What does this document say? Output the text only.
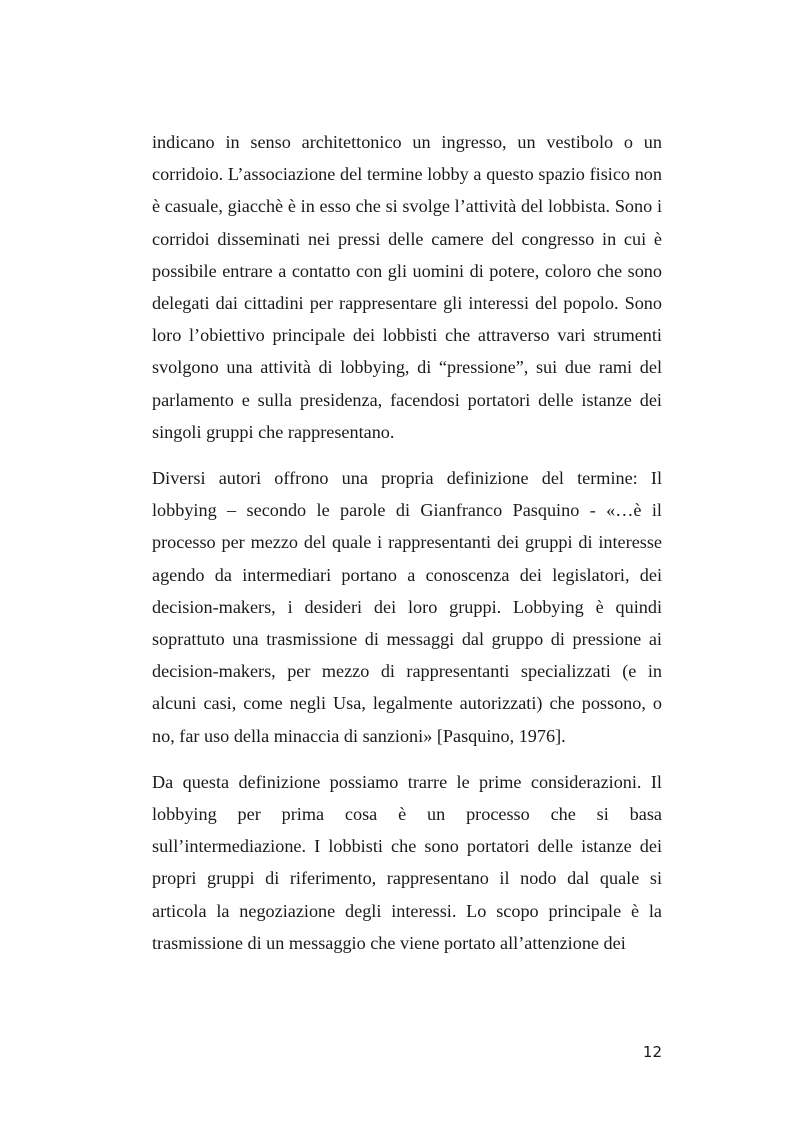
indicano in senso architettonico un ingresso, un vestibolo o un corridoio. L’associazione del termine lobby a questo spazio fisico non è casuale, giacchè è in esso che si svolge l’attività del lobbista. Sono i corridoi disseminati nei pressi delle camere del congresso in cui è possibile entrare a contatto con gli uomini di potere, coloro che sono delegati dai cittadini per rappresentare gli interessi del popolo. Sono loro l’obiettivo principale dei lobbisti che attraverso vari strumenti svolgono una attività di lobbying, di “pressione”, sui due rami del parlamento e sulla presidenza, facendosi portatori delle istanze dei singoli gruppi che rappresentano.

Diversi autori offrono una propria definizione del termine: Il lobbying – secondo le parole di Gianfranco Pasquino - «…è il processo per mezzo del quale i rappresentanti dei gruppi di interesse agendo da intermediari portano a conoscenza dei legislatori, dei decision-makers, i desideri dei loro gruppi. Lobbying è quindi soprattuto una trasmissione di messaggi dal gruppo di pressione ai decision-makers, per mezzo di rappresentanti specializzati (e in alcuni casi, come negli Usa, legalmente autorizzati) che possono, o no, far uso della minaccia di sanzioni» [Pasquino, 1976].

Da questa definizione possiamo trarre le prime considerazioni. Il lobbying per prima cosa è un processo che si basa sull’intermediazione. I lobbisti che sono portatori delle istanze dei propri gruppi di riferimento, rappresentano il nodo dal quale si articola la negoziazione degli interessi. Lo scopo principale è la trasmissione di un messaggio che viene portato all’attenzione dei

12
